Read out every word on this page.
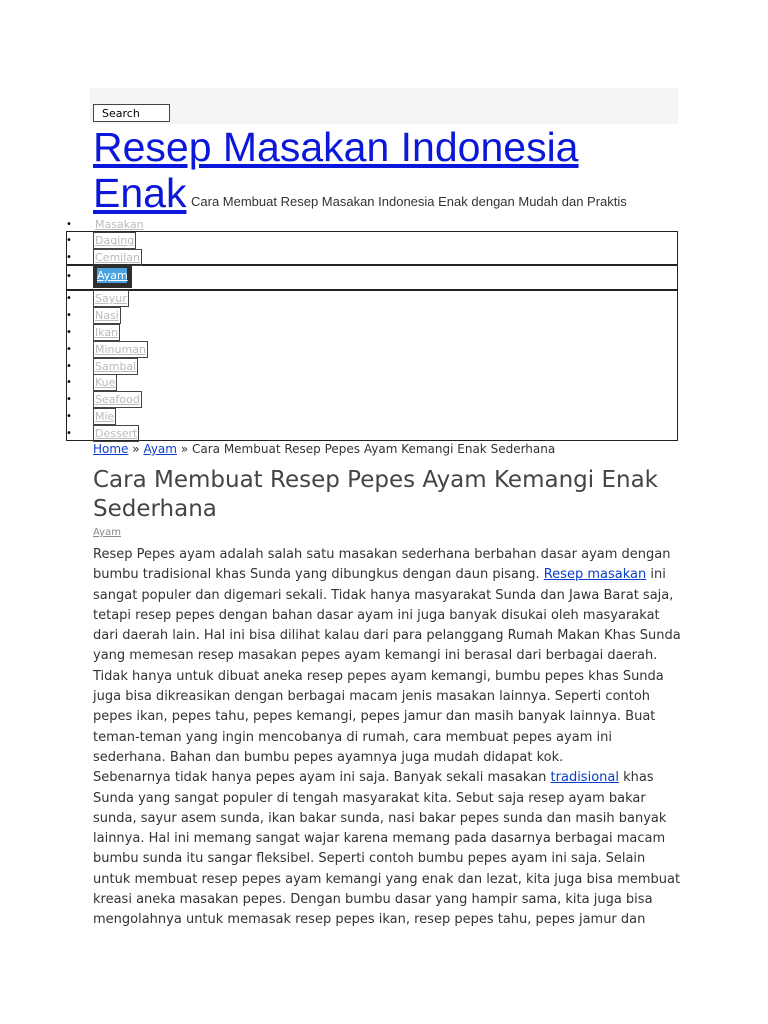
Search
Resep Masakan Indonesia
Enak Cara Membuat Resep Masakan Indonesia Enak dengan Mudah dan Praktis
•	Masakan
•	Daging
•	Cemilan
•
•	Sayur
•	Nasi
•	Ikan
•	Minuman
•	Sambal
•	Kue
•	Seafood
•	Mie
•	Dessert
Ayam
Home » Ayam » Cara Membuat Resep Pepes Ayam Kemangi Enak Sederhana
Cara Membuat Resep Pepes Ayam Kemangi Enak Sederhana
Ayam

Resep Pepes ayam adalah salah satu masakan sederhana berbahan dasar ayam dengan bumbu tradisional khas Sunda yang dibungkus dengan daun pisang. Resep masakan ini sangat populer dan digemari sekali. Tidak hanya masyarakat Sunda dan Jawa Barat saja, tetapi resep pepes dengan bahan dasar ayam ini juga banyak disukai oleh masyarakat dari daerah lain. Hal ini bisa dilihat kalau dari para pelanggang Rumah Makan Khas Sunda yang memesan resep masakan pepes ayam kemangi ini berasal dari berbagai daerah. Tidak hanya untuk dibuat aneka resep pepes ayam kemangi, bumbu pepes khas Sunda juga bisa dikreasikan dengan berbagai macam jenis masakan lainnya. Seperti contoh pepes ikan, pepes tahu, pepes kemangi, pepes jamur dan masih banyak lainnya. Buat teman-teman yang ingin mencobanya di rumah, cara membuat pepes ayam ini sederhana. Bahan dan bumbu pepes ayamnya juga mudah didapat kok.

Sebenarnya tidak hanya pepes ayam ini saja. Banyak sekali masakan tradisional khas Sunda yang sangat populer di tengah masyarakat kita. Sebut saja resep ayam bakar sunda, sayur asem sunda, ikan bakar sunda, nasi bakar pepes sunda dan masih banyak lainnya. Hal ini memang sangat wajar karena memang pada dasarnya berbagai macam bumbu sunda itu sangar fleksibel. Seperti contoh bumbu pepes ayam ini saja. Selain untuk membuat resep pepes ayam kemangi yang enak dan lezat, kita juga bisa membuat kreasi aneka masakan pepes. Dengan bumbu dasar yang hampir sama, kita juga bisa mengolahnya untuk memasak resep pepes ikan, resep pepes tahu, pepes jamur dan
